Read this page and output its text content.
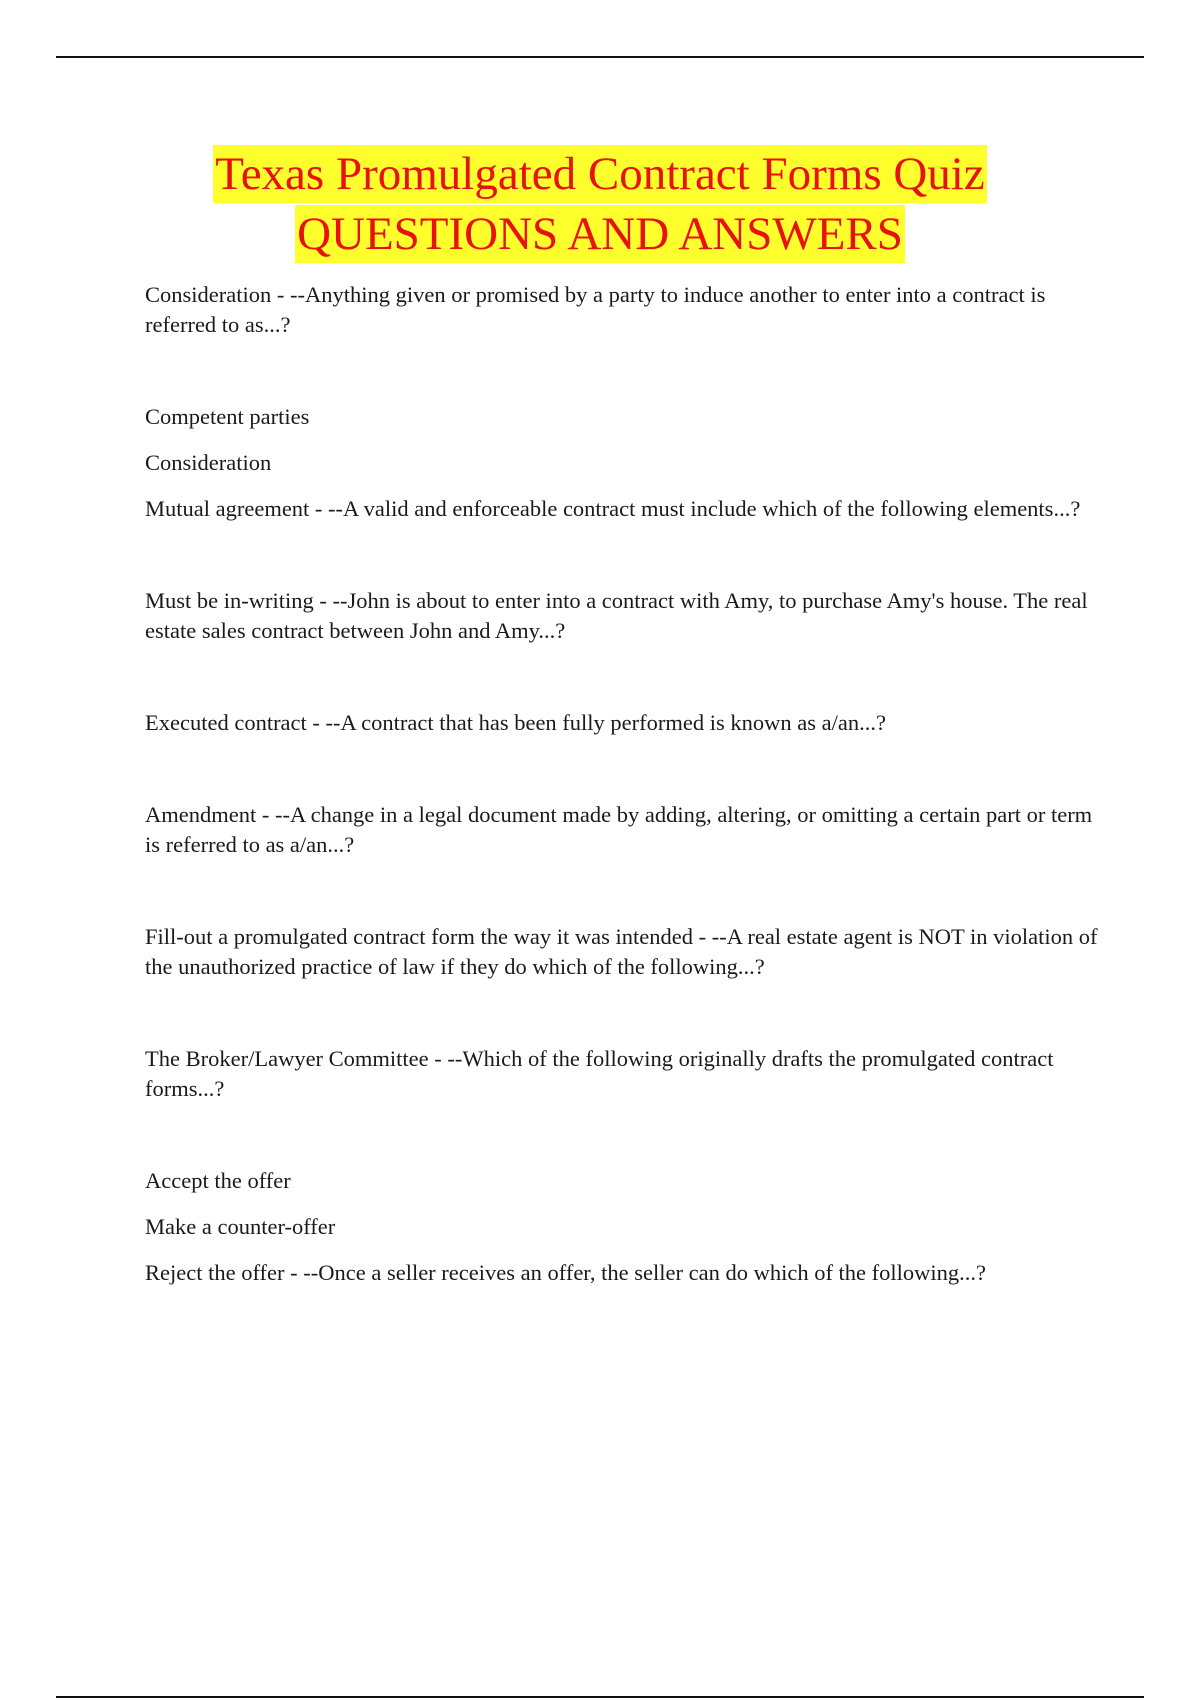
Texas Promulgated Contract Forms Quiz
QUESTIONS AND ANSWERS

Consideration - --Anything given or promised by a party to induce another to enter into a contract is referred to as...?

Competent parties

Consideration

Mutual agreement - --A valid and enforceable contract must include which of the following elements...?

Must be in-writing - --John is about to enter into a contract with Amy, to purchase Amy's house. The real estate sales contract between John and Amy...?

Executed contract - --A contract that has been fully performed is known as a/an...?

Amendment - --A change in a legal document made by adding, altering, or omitting a certain part or term is referred to as a/an...?

Fill-out a promulgated contract form the way it was intended - --A real estate agent is NOT in violation of the unauthorized practice of law if they do which of the following...?

The Broker/Lawyer Committee - --Which of the following originally drafts the promulgated contract forms...?

Accept the offer

Make a counter-offer

Reject the offer - --Once a seller receives an offer, the seller can do which of the following...?
